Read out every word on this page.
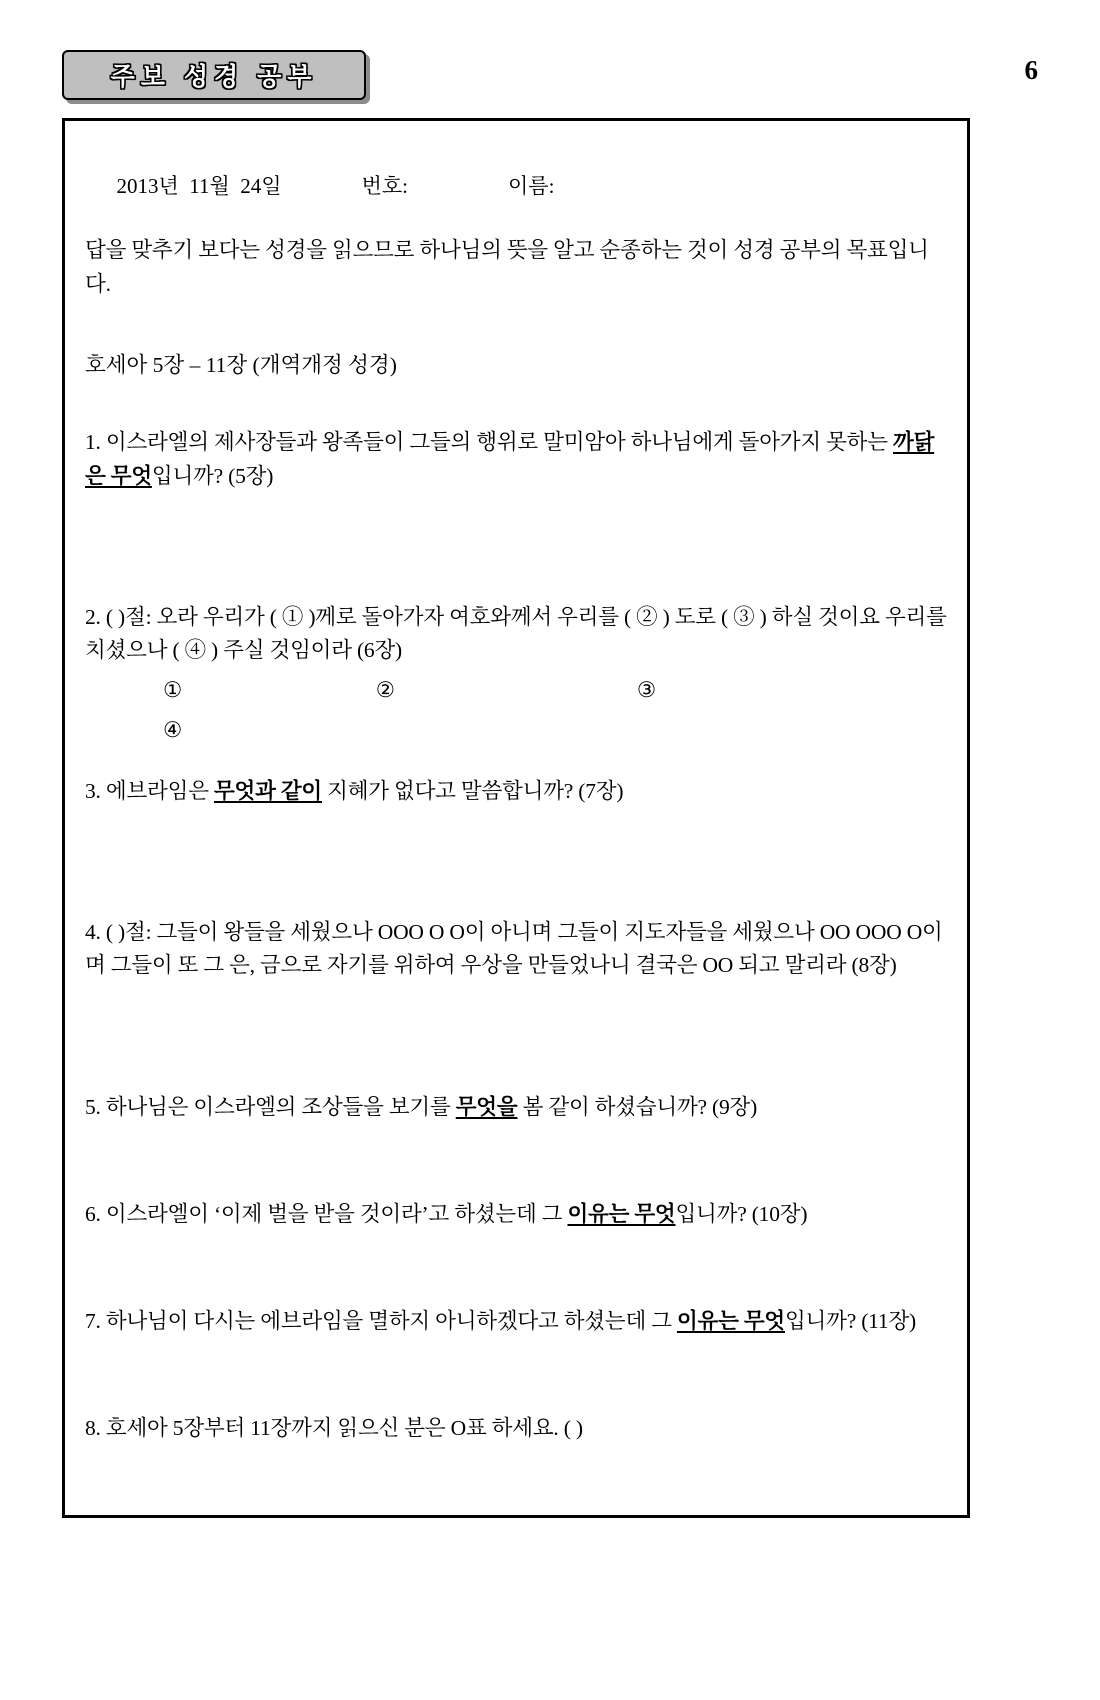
주보 성경 공부	6

2013년  11월  24일	번호:	이름:

답을 맞추기 보다는 성경을 읽으므로 하나님의 뜻을 알고 순종하는 것이 성경 공부의 목표입니다.

호세아 5장 – 11장 (개역개정 성경)

1. 이스라엘의 제사장들과 왕족들이 그들의 행위로 말미암아 하나님에게 돌아가지 못하는 까닭은 무엇입니까? (5장)

2. ( )절: 오라 우리가 ( ① )께로 돌아가자 여호와께서 우리를 ( ② ) 도로 ( ③ ) 하실 것이요 우리를 치셨으나 ( ④ ) 주실 것임이라 (6장)

①                                    ②                                             ③

④

3. 에브라임은 무엇과 같이 지혜가 없다고 말씀합니까? (7장)

4. ( )절: 그들이 왕들을 세웠으나 ΟΟΟ Ο Ο이 아니며 그들이 지도자들을 세웠으나 ΟΟ ΟΟΟ Ο이며 그들이 또 그 은, 금으로 자기를 위하여 우상을 만들었나니 결국은 ΟΟ 되고 말리라 (8장)

5. 하나님은 이스라엘의 조상들을 보기를 무엇을 봄 같이 하셨습니까? (9장)

6. 이스라엘이 ‘이제 벌을 받을 것이라’고 하셨는데 그 이유는 무엇입니까? (10장)

7. 하나님이 다시는 에브라임을 멸하지 아니하겠다고 하셨는데 그 이유는 무엇입니까? (11장)

8. 호세아 5장부터 11장까지 읽으신 분은 Ο표 하세요. ( )
